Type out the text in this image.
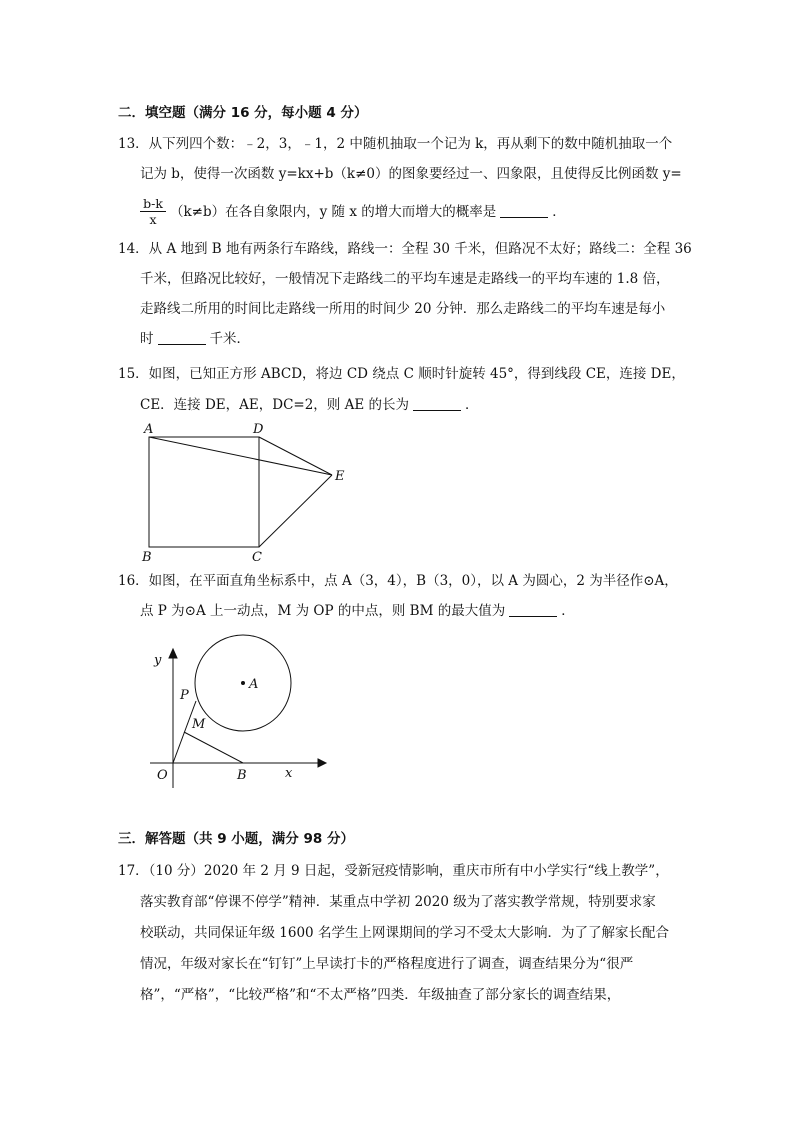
二．填空题（满分 16 分，每小题 4 分）
13．从下列四个数：﹣2，3，﹣1，2 中随机抽取一个记为 k，再从剩下的数中随机抽取一个
记为 b，使得一次函数 y=kx+b（k≠0）的图象要经过一、四象限，且使得反比例函数 y=
$\frac{b-k}{x} (k\ne b)$在各自象限内，y 随 x 的增大而增大的概率是	．
14．从 A 地到 B 地有两条行车路线，路线一：全程 30 千米，但路况不太好；路线二：全程 36
千米，但路况比较好，一般情况下走路线二的平均车速是走路线一的平均车速的 1.8 倍，
走路线二所用的时间比走路线一所用的时间少 20 分钟．那么走路线二的平均车速是每小
时	千米．
15．如图，已知正方形 ABCD，将边 CD 绕点 C 顺时针旋转 45°，得到线段 CE，连接 DE，
CE．连接 DE，AE，DC=2，则 AE 的长为	．
A	D
E
B	C
16．如图，在平面直角坐标系中，点 A（3，4），B（3，0），以 A 为圆心，2 为半径作⊙A，
点 P 为⊙A 上一动点，M 为 OP 的中点，则 BM 的最大值为	．
y
x
O	B
A
P
M
三．解答题（共 9 小题，满分 98 分）
17．（10 分）2020 年 2 月 9 日起，受新冠疫情影响，重庆市所有中小学实行“线上教学”，
落实教育部“停课不停学”精神．某重点中学初 2020 级为了落实教学常规，特别要求家
校联动，共同保证年级 1600 名学生上网课期间的学习不受太大影响．为了了解家长配合
情况，年级对家长在“钉钉”上早读打卡的严格程度进行了调查，调查结果分为“很严
格”，“严格”，“比较严格”和“不太严格”四类．年级抽查了部分家长的调查结果，
